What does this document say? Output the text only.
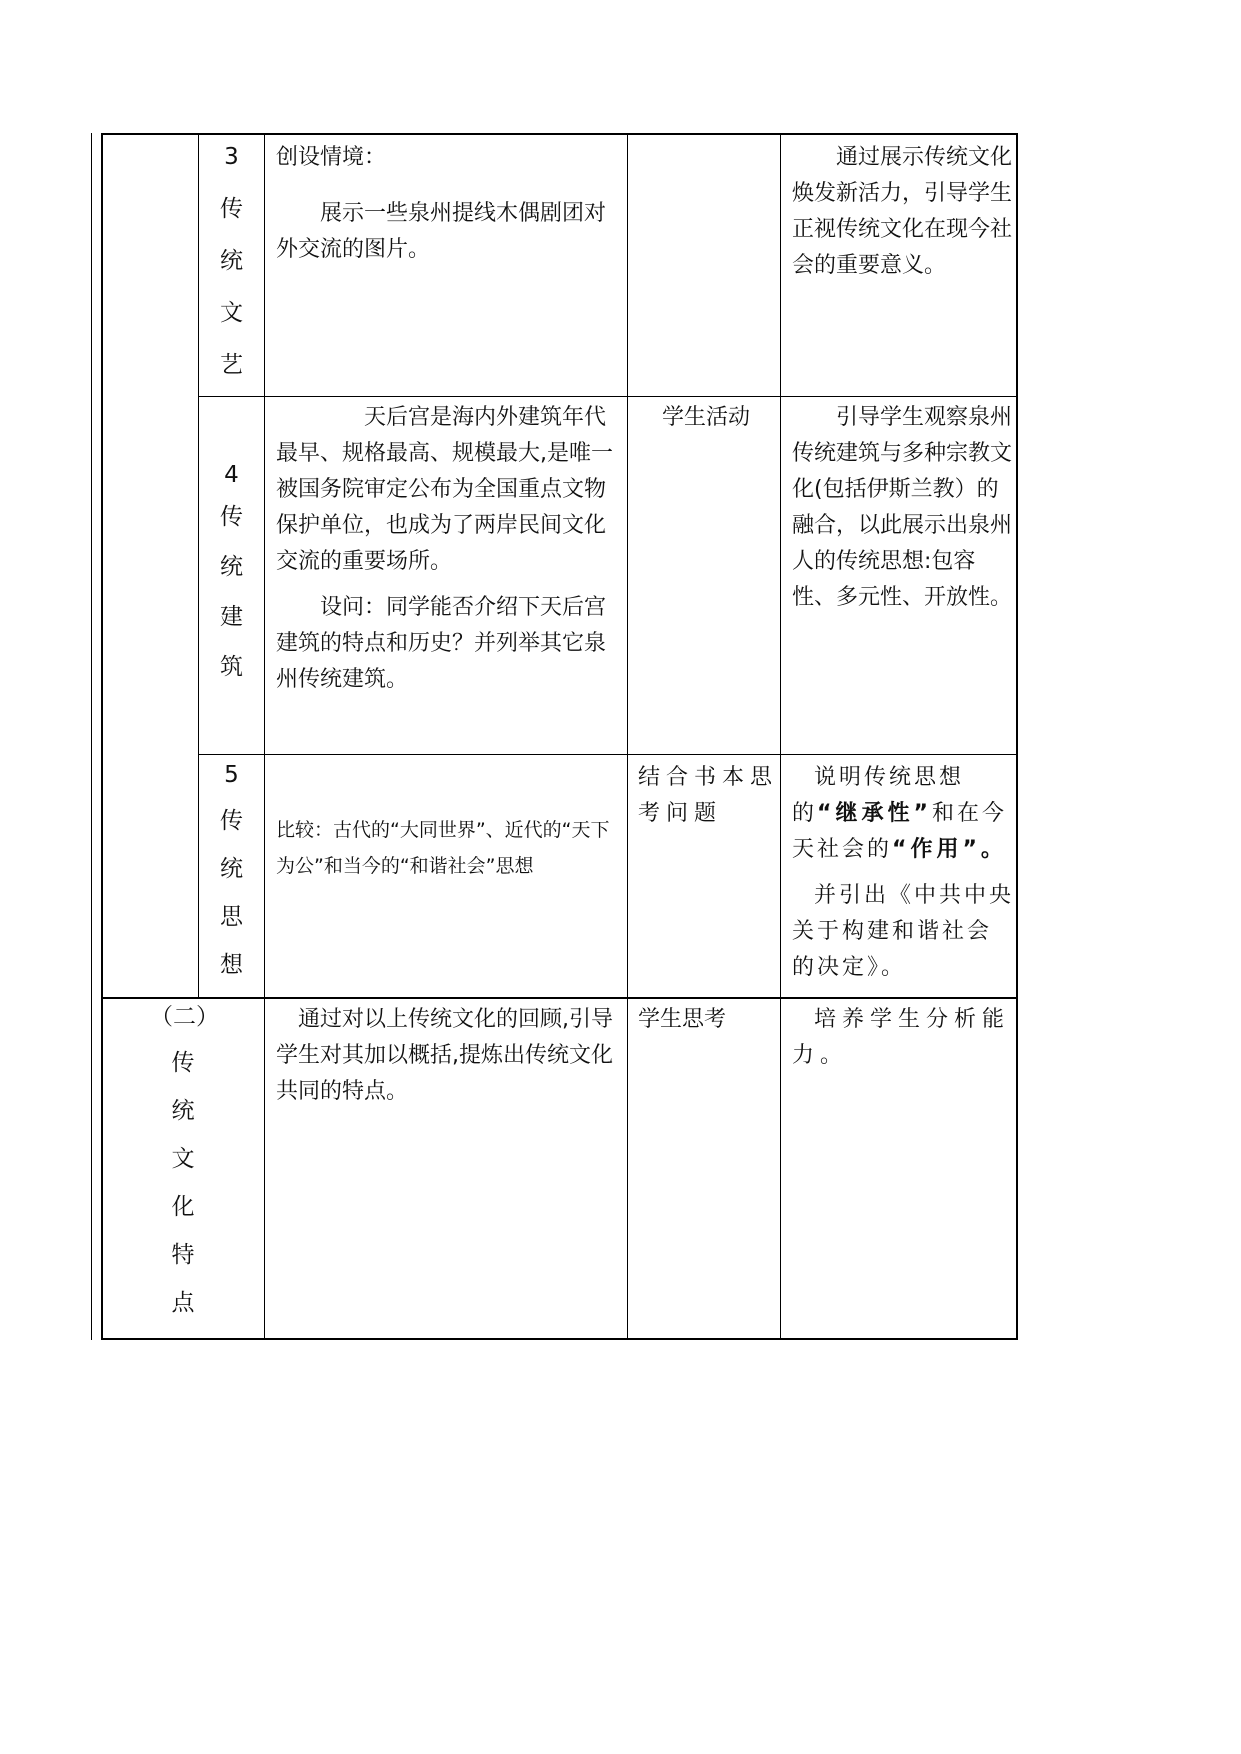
3
传
统
文
艺

创设情境：

展示一些泉州提线木偶剧团对外交流的图片。

通过展示传统文化焕发新活力，引导学生正视传统文化在现今社会的重要意义。
4
传
统
建
筑

天后宫是海内外建筑年代最早、规格最高、规模最大,是唯一被国务院审定公布为全国重点文物保护单位，也成为了两岸民间文化交流的重要场所。

设问：同学能否介绍下天后宫建筑的特点和历史？并列举其它泉州传统建筑。

学生活动	引导学生观察泉州传统建筑与多种宗教文化(包括伊斯兰教）的融合，以此展示出泉州人的传统思想:包容性、多元性、开放性。
5
传
统
思
想
比较：古代的“大同世界”、近代的“天下为公”和当今的“和谐社会”思想
结合书本思考问题

说明传统思想的“继承性”和在今天社会的“作用”。

并引出《中共中央关于构建和谐社会的决定》。

（二）
传
统
文
化
特
点
通过对以上传统文化的回顾,引导学生对其加以概括,提炼出传统文化共同的特点。
学生思考	培养学生分析能力。
